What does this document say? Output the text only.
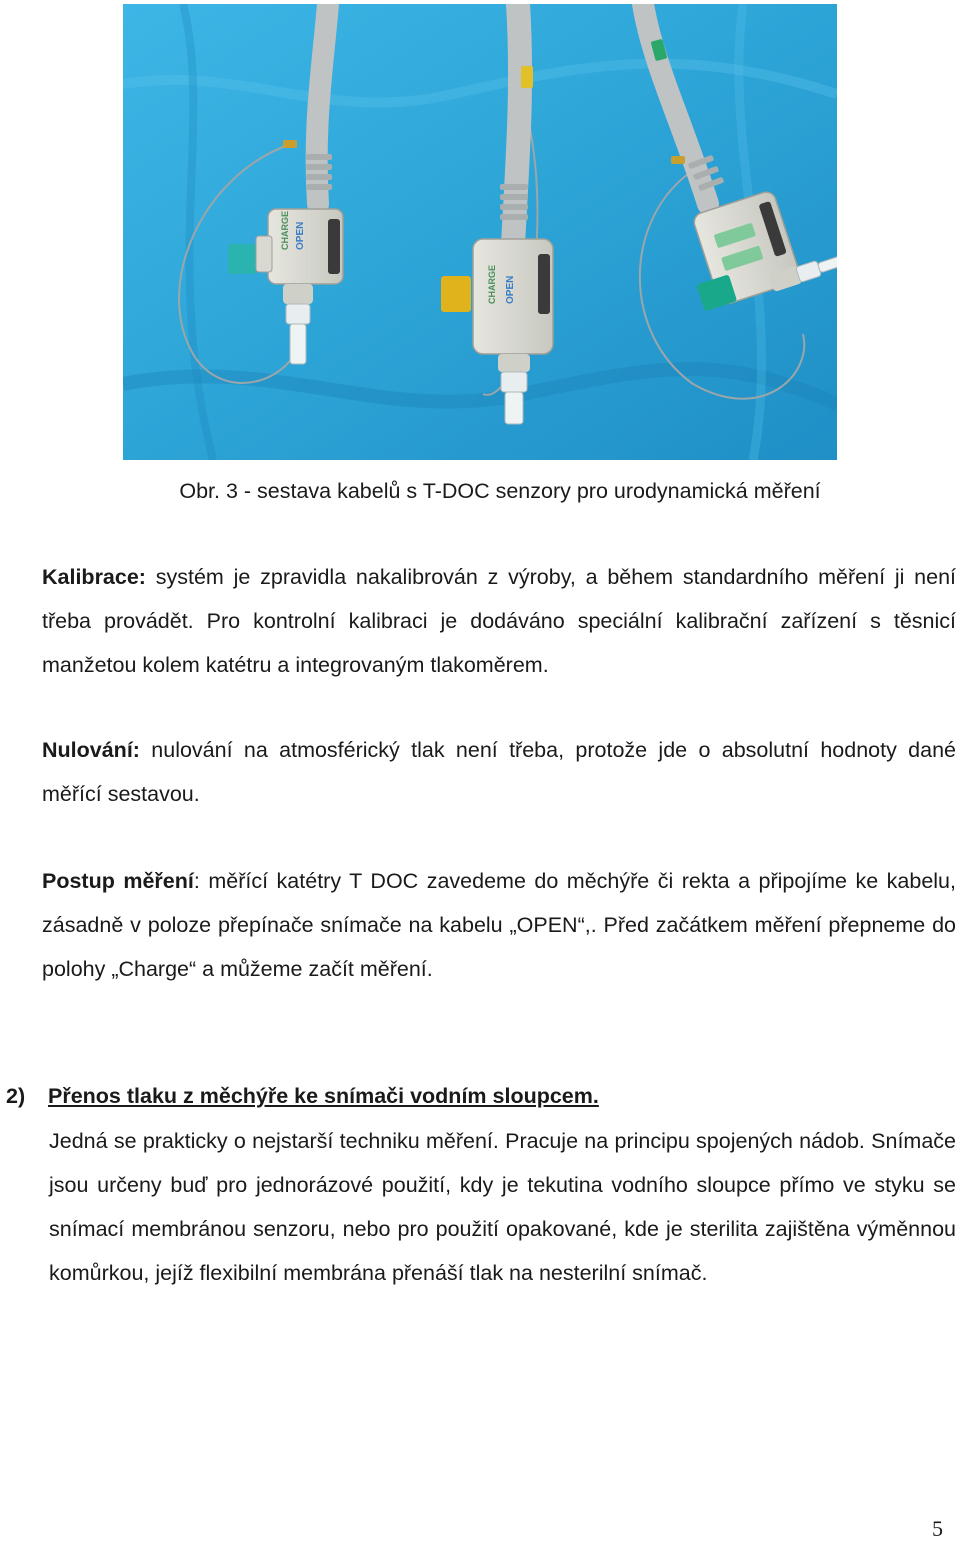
CHARGE OPEN
CHARGE OPEN

Obr. 3 - sestava kabelů s T-DOC senzory pro urodynamická měření

Kalibrace: systém je zpravidla nakalibrován z výroby, a během standardního měření ji není třeba provádět. Pro kontrolní kalibraci je dodáváno speciální kalibrační zařízení s těsnicí manžetou kolem katétru a integrovaným tlakoměrem.

Nulování: nulování na atmosférický tlak není třeba, protože jde o absolutní hodnoty dané měřící sestavou.

Postup měření: měřící katétry T DOC zavedeme do měchýře či rekta a připojíme ke kabelu, zásadně v poloze přepínače snímače na kabelu „OPEN“,. Před začátkem měření přepneme do polohy „Charge“ a můžeme začít měření.

2) Přenos tlaku z měchýře ke snímači vodním sloupcem.

Jedná se prakticky o nejstarší techniku měření. Pracuje na principu spojených nádob. Snímače jsou určeny buď pro jednorázové použití, kdy je tekutina vodního sloupce přímo ve styku se snímací membránou senzoru, nebo pro použití opakované, kde je sterilita zajištěna výměnnou komůrkou, jejíž flexibilní membrána přenáší tlak na nesterilní snímač.

5
